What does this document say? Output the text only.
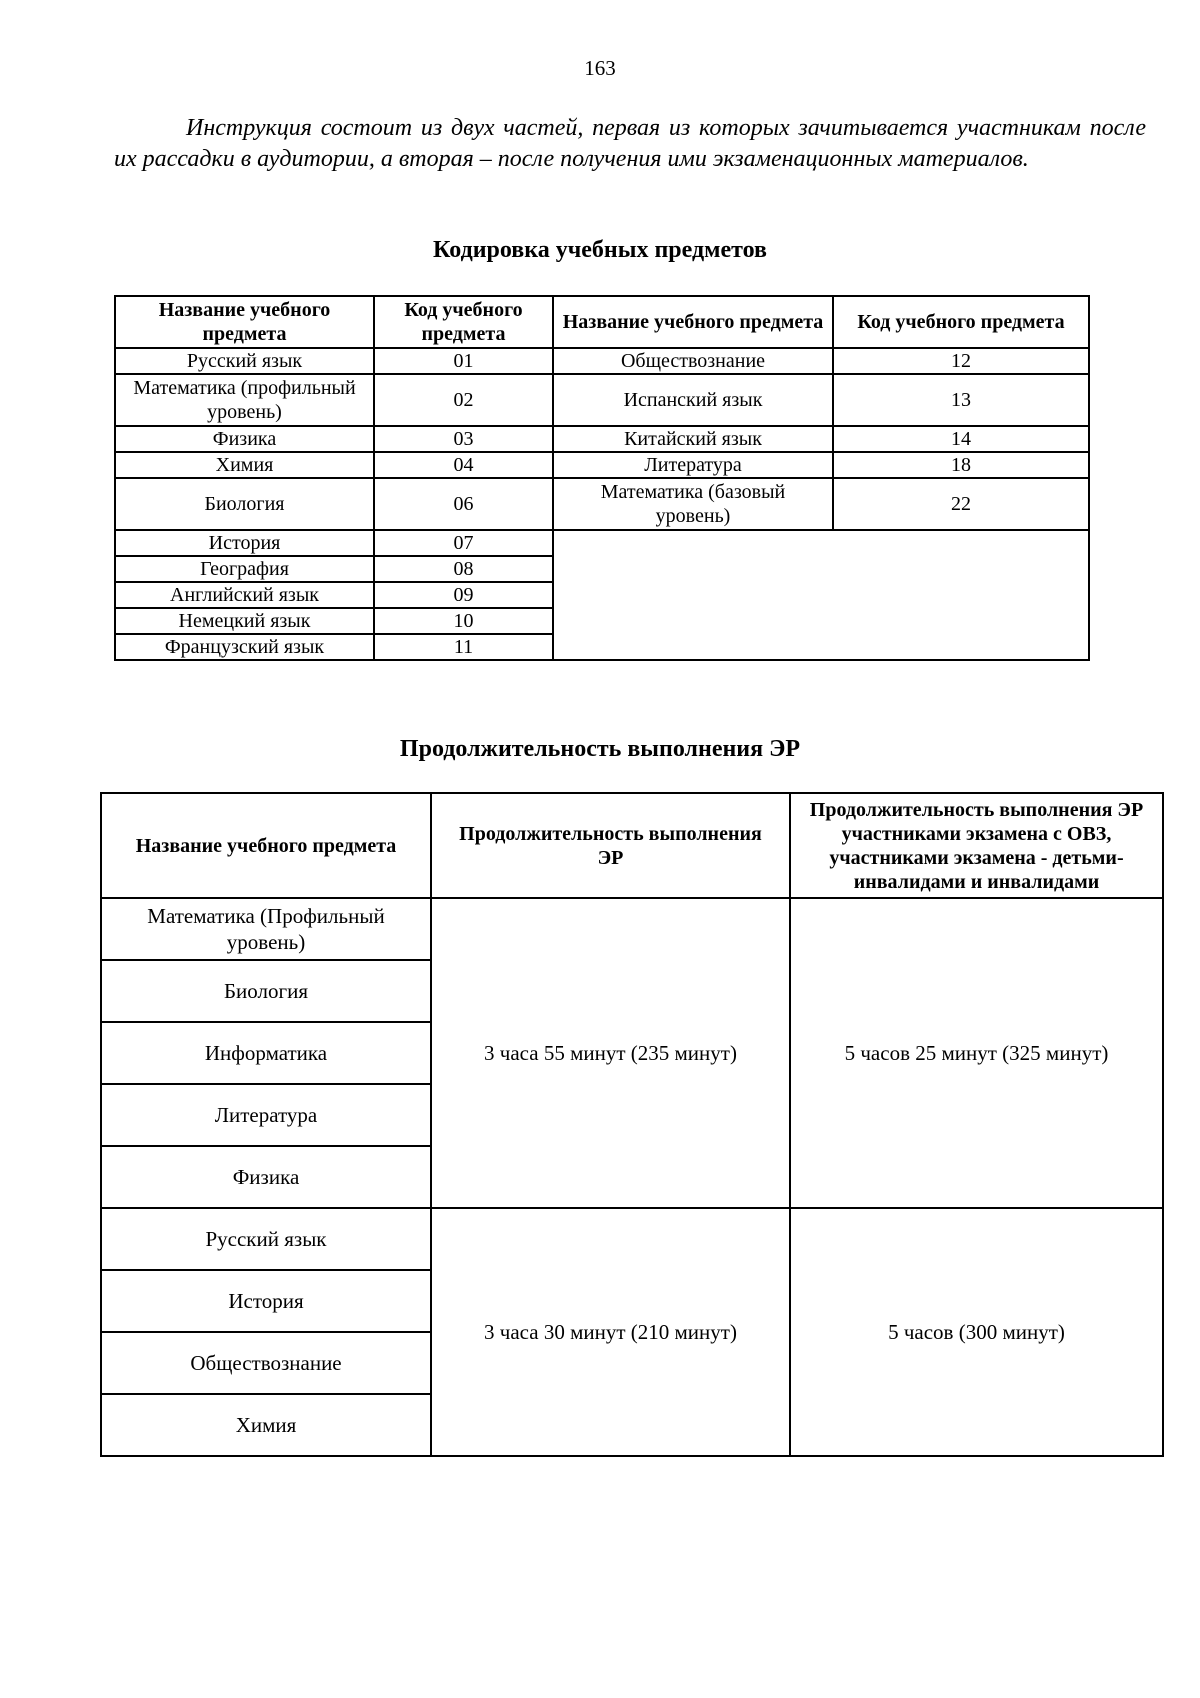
163

Инструкция состоит из двух частей, первая из которых зачитывается участникам после их рассадки в аудитории, а вторая – после получения ими экзаменационных материалов.

Кодировка учебных предметов
Название учебного предмета	Код учебного предмета	Название учебного предмета	Код учебного предмета
Русский язык	01	Обществознание	12
Математика (профильный уровень)	02	Испанский язык	13
Физика	03	Китайский язык	14
Химия	04	Литература	18
Биология	06	Математика (базовый уровень)	22
История	07		
География	08		
Английский язык	09		
Немецкий язык	10		
Французский язык	11		
Продолжительность выполнения ЭР
Название учебного предмета	Продолжительность выполнения ЭР	Продолжительность выполнения ЭР участниками экзамена с ОВЗ, участниками экзамена - детьми-инвалидами и инвалидами
Математика (Профильный уровень)	3 часа 55 минут (235 минут)	5 часов 25 минут (325 минут)
Биология		
Информатика		
Литература		
Физика		
Русский язык	3 часа 30 минут (210 минут)	5 часов (300 минут)
История		
Обществознание		
Химия		
